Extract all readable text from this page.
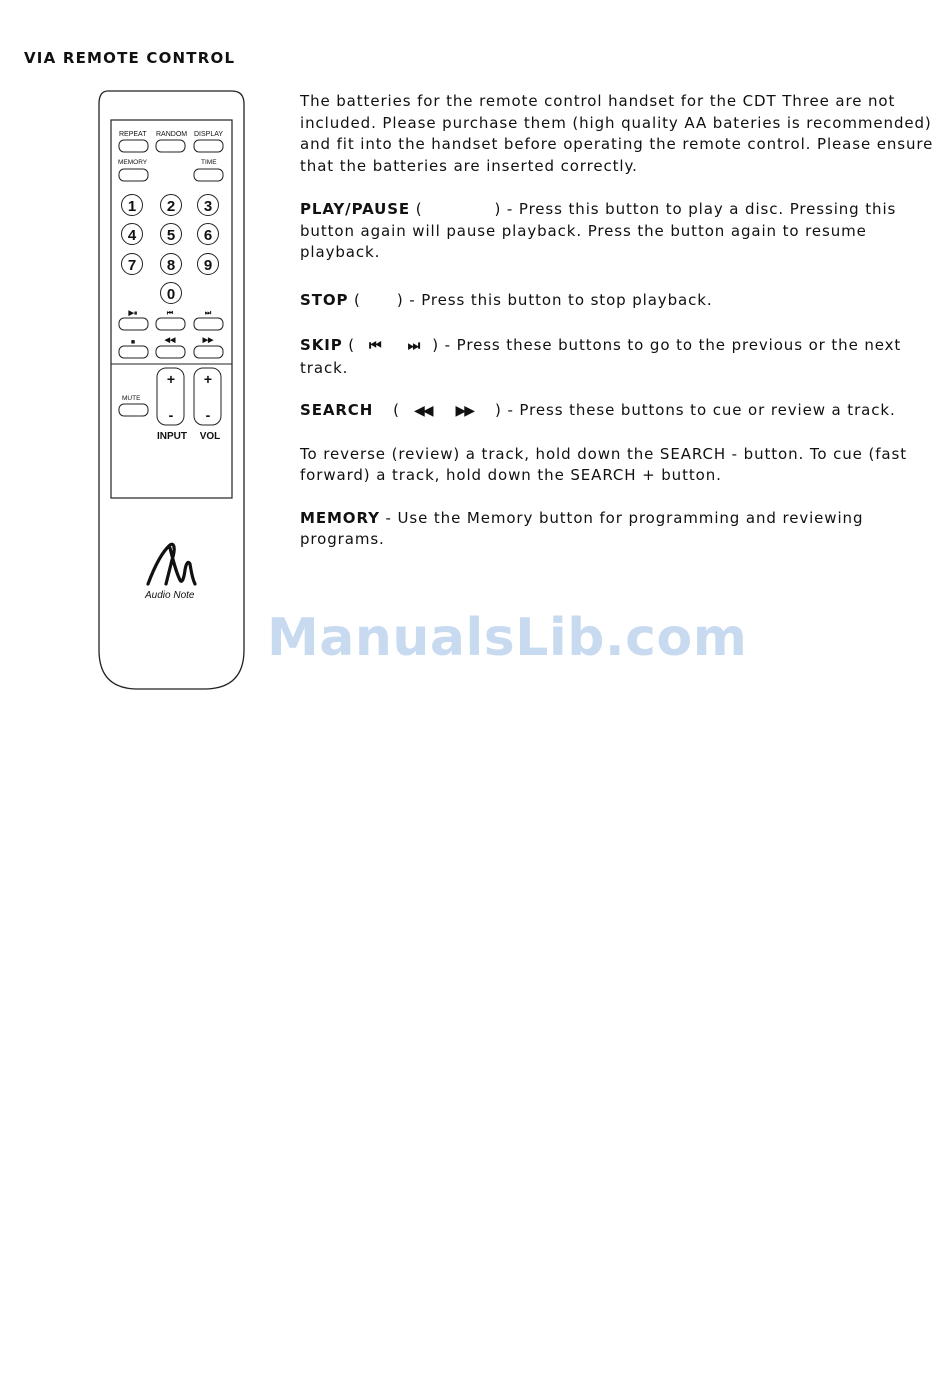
VIA REMOTE CONTROL
REPEAT RANDOM DISPLAY
MEMORY	TIME
1 2 3
4 5 6
7 8 9
0
▶⏸	⏮	⏭
■	◀◀	▶▶
MUTE
+
-
+
-
INPUT VOL
Audio Note

The batteries for the remote control handset for the CDT Three are not included. Please purchase them (high quality AA bateries is recommended) and fit into the handset before operating the remote control. Please ensure that the batteries are inserted correctly.

PLAY/PAUSE (	) - Press this button to play a disc. Pressing this button again will pause playback. Press the button again to resume playback.

STOP ( ) - Press this button to stop playback.

SKIP ( ⏮ ⏭ ) - Press these buttons to go to the previous or the next track.

SEARCH ( ◀◀ ▶▶ ) - Press these buttons to cue or review a track.

To reverse (review) a track, hold down the SEARCH - button. To cue (fast forward) a track, hold down the SEARCH + button.

MEMORY - Use the Memory button for programming and reviewing programs.

ManualsLib.com
